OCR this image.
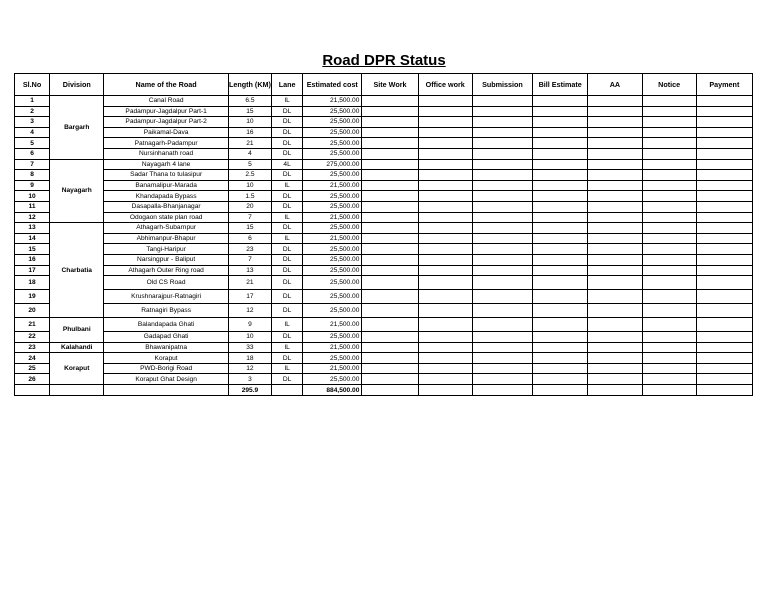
Road DPR Status
Sl.No	Division	Name of the Road	Length (KM)	Lane	Estimated cost	Site Work	Office work	Submission	Bill Estimate	AA	Notice	Payment
1	Bargarh	Canal Road	6.5	IL	21,500.00							
2		Padampur-Jagdalpur Part-1	15	DL	25,500.00							
3		Padampur-Jagdalpur Part-2	10	DL	25,500.00							
4		Paikamal-Dava	16	DL	25,500.00							
5		Patnagarh-Padampur	21	DL	25,500.00							
6		Nursinhanath road	4	DL	25,500.00							
7	Nayagarh	Nayagarh 4 lane	5	4L	275,000.00							
8		Sadar Thana to tulasipur	2.5	DL	25,500.00							
9		Banamalipur-Marada	10	IL	21,500.00							
10		Khandapada Bypass	1.5	DL	25,500.00							
11		Dasapalla-Bhanjanagar	20	DL	25,500.00							
12		Odogaon state plan road	7	IL	21,500.00							
13	Charbatia	Athagarh-Subarnpur	15	DL	25,500.00							
14		Abhimanpur-Bhapur	6	IL	21,500.00							
15		Tangi-Haripur	23	DL	25,500.00							
16		Narsingpur - Baliput	7	DL	25,500.00							
17		Athagarh Outer Ring road	13	DL	25,500.00							
18		Old CS Road	21	DL	25,500.00							
19		Krushnarajpur-Ratnagiri	17	DL	25,500.00							
20		Ratnagiri Bypass	12	DL	25,500.00							
21	Phulbani	Balandapada Ghati	9	IL	21,500.00							
22		Gadapad Ghati	10	DL	25,500.00							
23	Kalahandi	Bhawanipatna	33	IL	21,500.00							
24	Koraput	Koraput	18	DL	25,500.00							
25		PWD-Borigi Road	12	IL	21,500.00							
26		Koraput Ghat Design	3	DL	25,500.00							
			295.9		884,500.00							
